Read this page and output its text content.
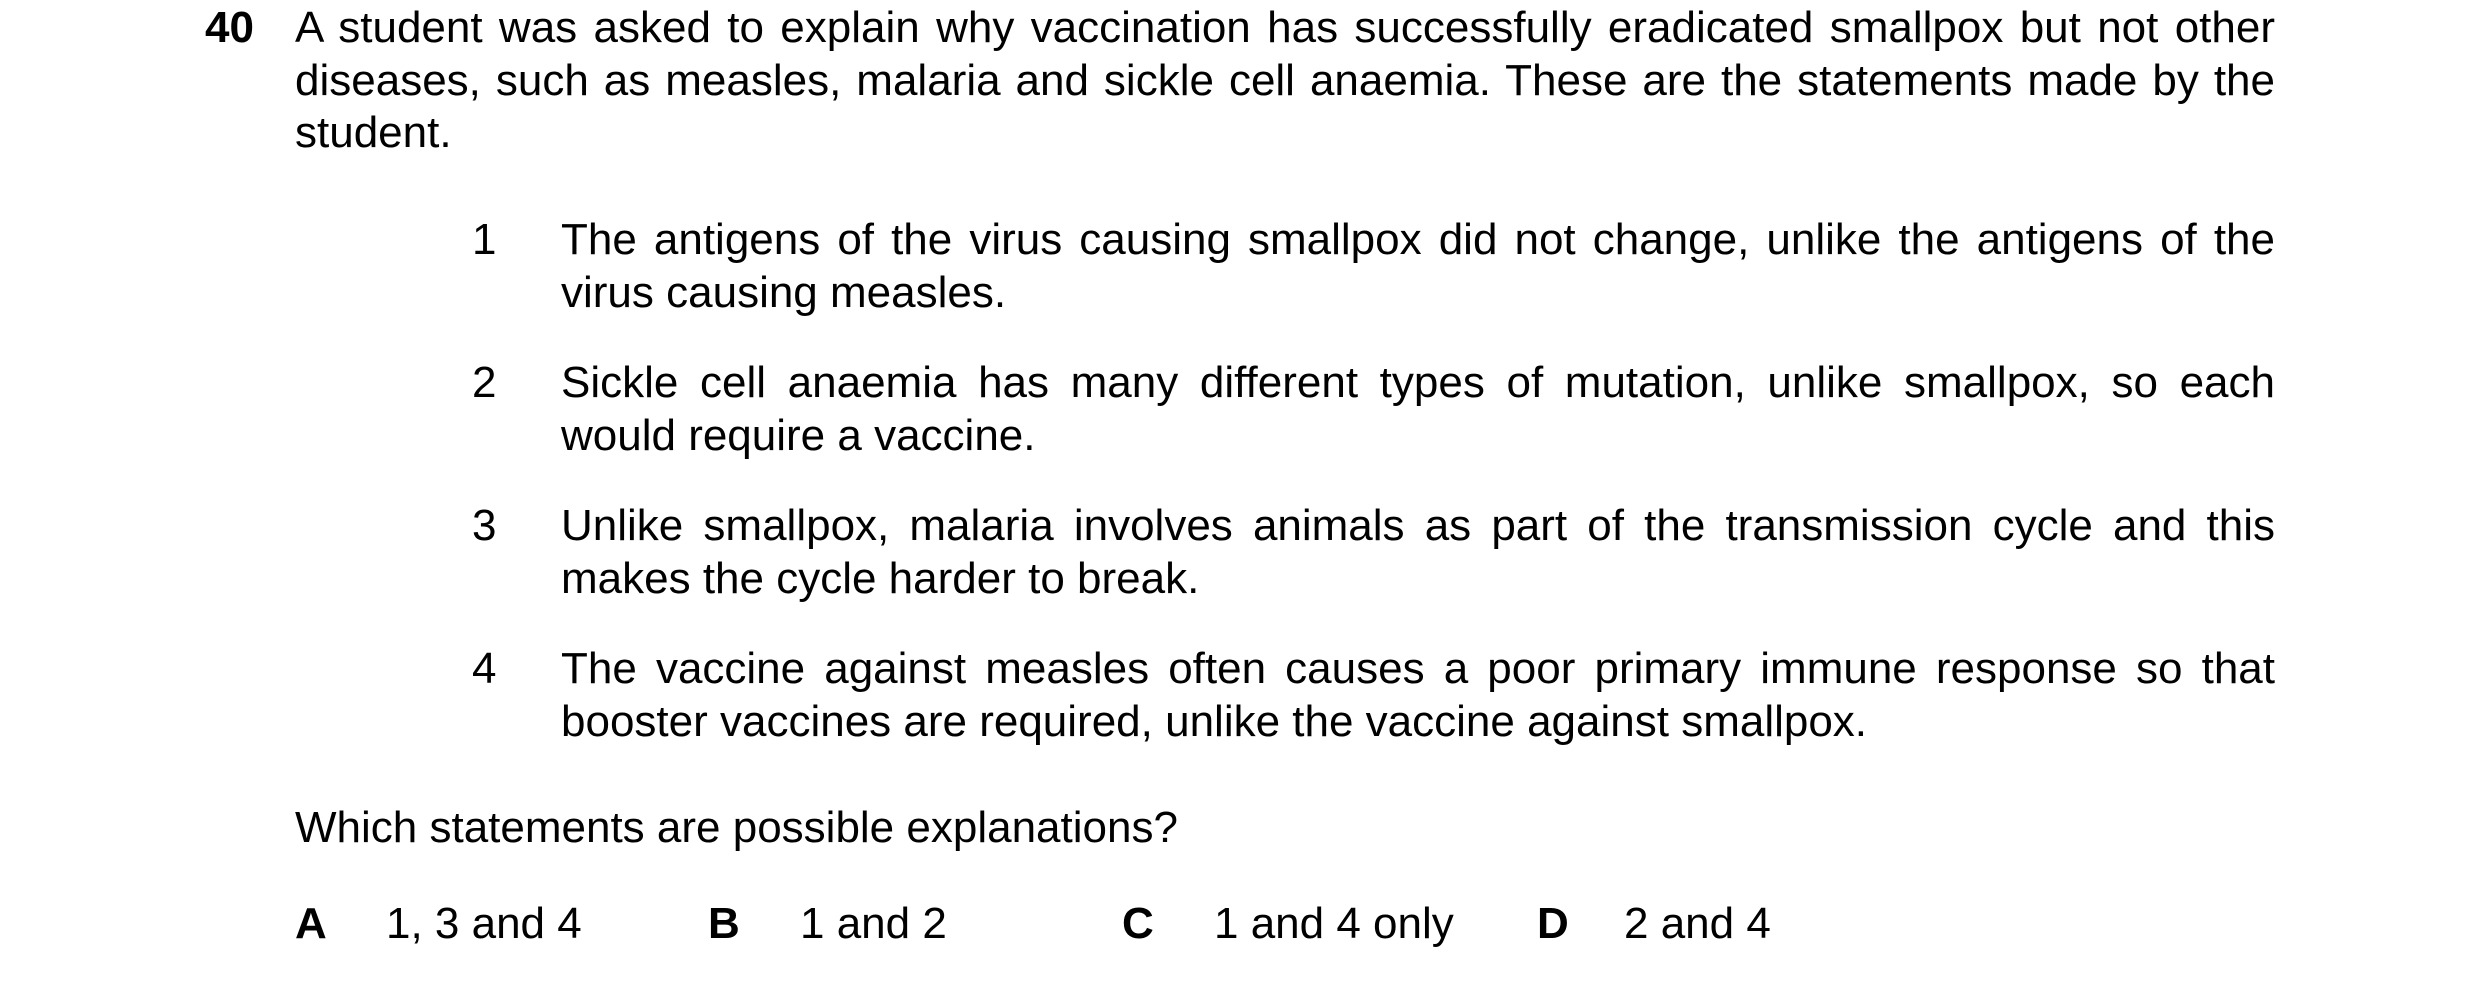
40 A student was asked to explain why vaccination has successfully eradicated smallpox but not other diseases, such as measles, malaria and sickle cell anaemia. These are the statements made by the student.
1 The antigens of the virus causing smallpox did not change, unlike the antigens of the virus causing measles.
2 Sickle cell anaemia has many different types of mutation, unlike smallpox, so each would require a vaccine.
3 Unlike smallpox, malaria involves animals as part of the transmission cycle and this makes the cycle harder to break.
4 The vaccine against measles often causes a poor primary immune response so that booster vaccines are required, unlike the vaccine against smallpox.
Which statements are possible explanations?
A 1, 3 and 4	B 1 and 2	C 1 and 4 only D 2 and 4
